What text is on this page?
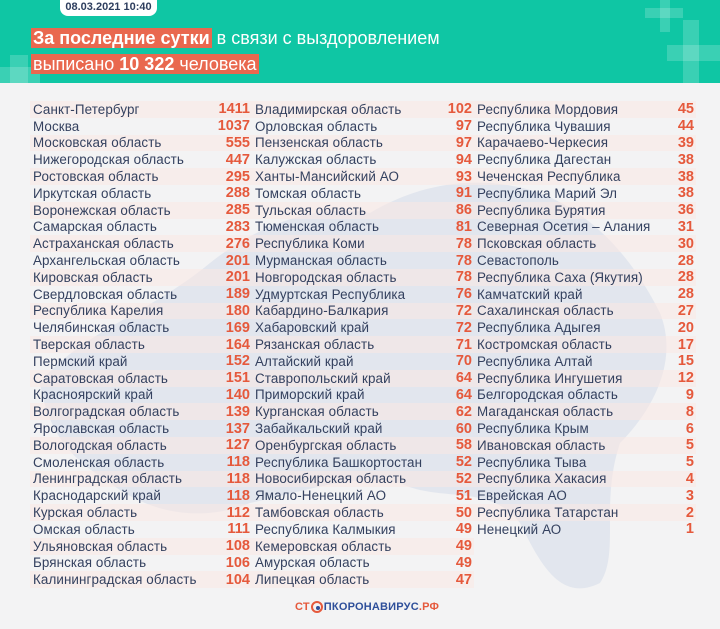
08.03.2021 10:40
За последние сутки в связи с выздоровлением
выписано 10 322 человека
Санкт-Петербург	1411
Москва	1037
Московская область	555
Нижегородская область	447
Ростовская область	295
Иркутская область	288
Воронежская область	285
Самарская область	283
Астраханская область	276
Архангельская область	201
Кировская область	201
Свердловская область	189
Республика Карелия	180
Челябинская область	169
Тверская область	164
Пермский край	152
Саратовская область	151
Красноярский край	140
Волгоградская область	139
Ярославская область	137
Вологодская область	127
Смоленская область	118
Ленинградская область	118
Краснодарский край	118
Курская область	112
Омская область	111
Ульяновская область	108
Брянская область	106
Калининградская область 104
Владимирская область	102
Орловская область	97
Пензенская область	97
Калужская область	94
Ханты-Мансийский АО	93
Томская область	91
Тульская область	86
Тюменская область	81
Республика Коми	78
Мурманская область	78
Новгородская область	78
Удмуртская Республика	76
Кабардино-Балкария	72
Хабаровский край	72
Рязанская область	71
Алтайский край	70
Ставропольский край	64
Приморский край	64
Курганская область	62
Забайкальский край	60
Оренбургская область	58
Республика Башкортостан 52
Новосибирская область	52
Ямало-Ненецкий АО	51
Тамбовская область	50
Республика Калмыкия	49
Кемеровская область	49
Амурская область	49
Липецкая область	47
Республика Мордовия	45
Республика Чувашия	44
Карачаево-Черкесия	39
Республика Дагестан	38
Чеченская Республика	38
Республика Марий Эл	38
Республика Бурятия	36
Северная Осетия – Алания 31
Псковская область	30
Севастополь	28
Республика Саха (Якутия) 28
Камчатский край	28
Сахалинская область	27
Республика Адыгея	20
Костромская область	17
Республика Алтай	15
Республика Ингушетия	12
Белгородская область	9
Магаданская область	8
Республика Крым	6
Ивановская область	5
Республика Тыва	5
Республика Хакасия	4
Еврейская АО	3
Республика Татарстан	2
Ненецкий АО	1
СТ ПКОРОНАВИРУС .РФ
